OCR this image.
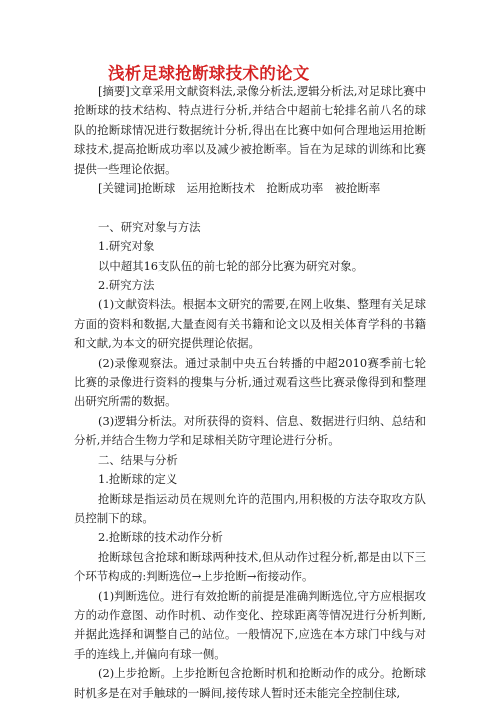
浅析足球抢断球技术的论文

[摘要]文章采用文献资料法,录像分析法,逻辑分析法,对足球比赛中抢断球的技术结构、特点进行分析,并结合中超前七轮排名前八名的球队的抢断球情况进行数据统计分析,得出在比赛中如何合理地运用抢断球技术,提高抢断成功率以及减少被抢断率。旨在为足球的训练和比赛提供一些理论依据。

[关键词]抢断球　运用抢断技术　抢断成功率　被抢断率

一、研究对象与方法

1.研究对象

以中超其16支队伍的前七轮的部分比赛为研究对象。

2.研究方法

(1)文献资料法。根据本文研究的需要,在网上收集、整理有关足球方面的资料和数据,大量查阅有关书籍和论文以及相关体育学科的书籍和文献,为本文的研究提供理论依据。

(2)录像观察法。通过录制中央五台转播的中超2010赛季前七轮比赛的录像进行资料的搜集与分析,通过观看这些比赛录像得到和整理出研究所需的数据。

(3)逻辑分析法。对所获得的资料、信息、数据进行归纳、总结和分析,并结合生物力学和足球相关防守理论进行分析。

二、结果与分析

1.抢断球的定义

抢断球是指运动员在规则允许的范围内,用积极的方法夺取攻方队员控制下的球。

2.抢断球的技术动作分析

抢断球包含抢球和断球两种技术,但从动作过程分析,都是由以下三个环节构成的:判断选位→上步抢断→衔接动作。

(1)判断选位。进行有效抢断的前提是准确判断选位,守方应根据攻方的动作意图、动作时机、动作变化、控球距离等情况进行分析判断,并据此选择和调整自己的站位。一般情况下,应选在本方球门中线与对手的连线上,并偏向有球一侧。

(2)上步抢断。上步抢断包含抢断时机和抢断动作的成分。抢断球时机多是在对手触球的一瞬间,接传球人暂时还未能完全控制住球,
